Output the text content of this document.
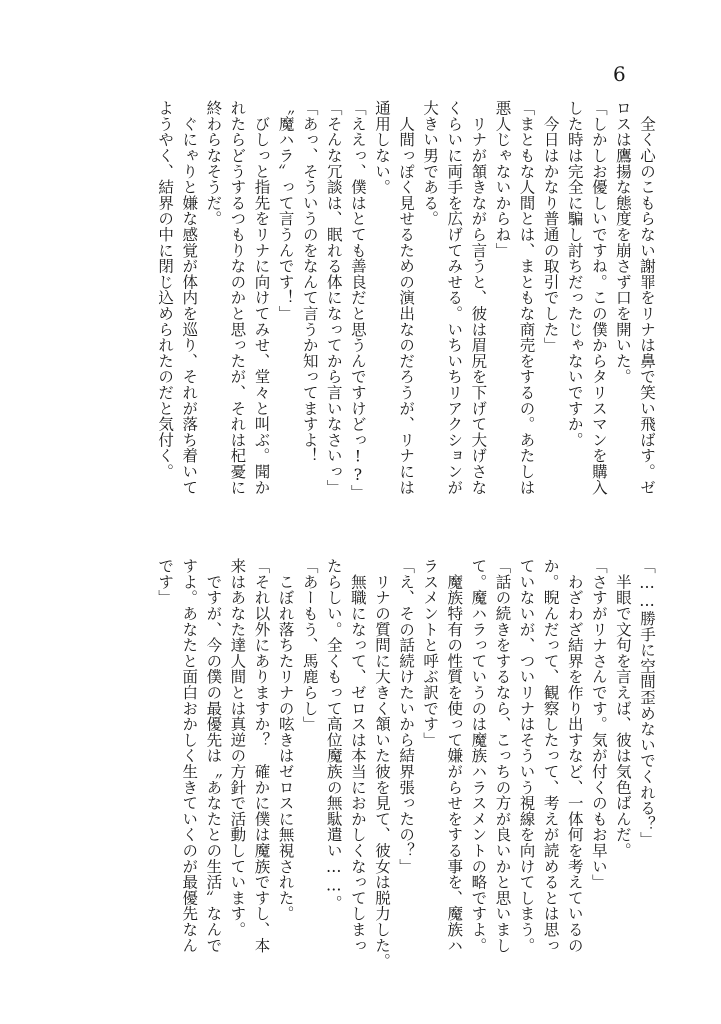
6
　全く心のこもらない謝罪をリナは鼻で笑い飛ばす。ゼ
ロスは鷹揚な態度を崩さず口を開いた。
「しかしお優しいですね。この僕からタリスマンを購入
した時は完全に騙し討ちだったじゃないですか。
　今日はかなり普通の取引でした」
「まともな人間とは、まともな商売をするの。あたしは
悪人じゃないからね」
　リナが頷きながら言うと、彼は眉尻を下げて大げさな
くらいに両手を広げてみせる。いちいちリアクションが
大きい男である。
　人間っぽく見せるための演出なのだろうが、リナには
通用しない。
「ええっ、僕はとても善良だと思うんですけどっ!?」
「そんな冗談は、眠れる体になってから言いなさいっ」
「あっ、そういうのをなんて言うか知ってますよ！
〝魔ハラ〟って言うんです！」
　びしっと指先をリナに向けてみせ、堂々と叫ぶ。聞か
れたらどうするつもりなのかと思ったが、それは杞憂に
終わらなそうだ。
　ぐにゃりと嫌な感覚が体内を巡り、それが落ち着いて
ようやく、結界の中に閉じ込められたのだと気付く。
「……勝手に空間歪めないでくれる？」
　半眼で文句を言えば、彼は気色ばんだ。
「さすがリナさんです。気が付くのもお早い」
　わざわざ結界を作り出すなど、一体何を考えているの
か。睨んだって、観察したって、考えが読めるとは思っ
ていないが、ついリナはそういう視線を向けてしまう。
「話の続きをするなら、こっちの方が良いかと思いまし
て。魔ハラっていうのは魔族ハラスメントの略ですよ。
　魔族特有の性質を使って嫌がらせをする事を、魔族ハ
ラスメントと呼ぶ訳です」
「え、その話続けたいから結界張ったの？」
　リナの質問に大きく頷いた彼を見て、彼女は脱力した。
　無職になって、ゼロスは本当におかしくなってしまっ
たらしい。全くもって高位魔族の無駄遣い……。
「あーもう、馬鹿らし」
　こぼれ落ちたリナの呟きはゼロスに無視された。
「それ以外にありますか？　確かに僕は魔族ですし、本
来はあなた達人間とは真逆の方針で活動しています。
　ですが、今の僕の最優先は〝あなたとの生活〟なんで
すよ。あなたと面白おかしく生きていくのが最優先なん
です」
